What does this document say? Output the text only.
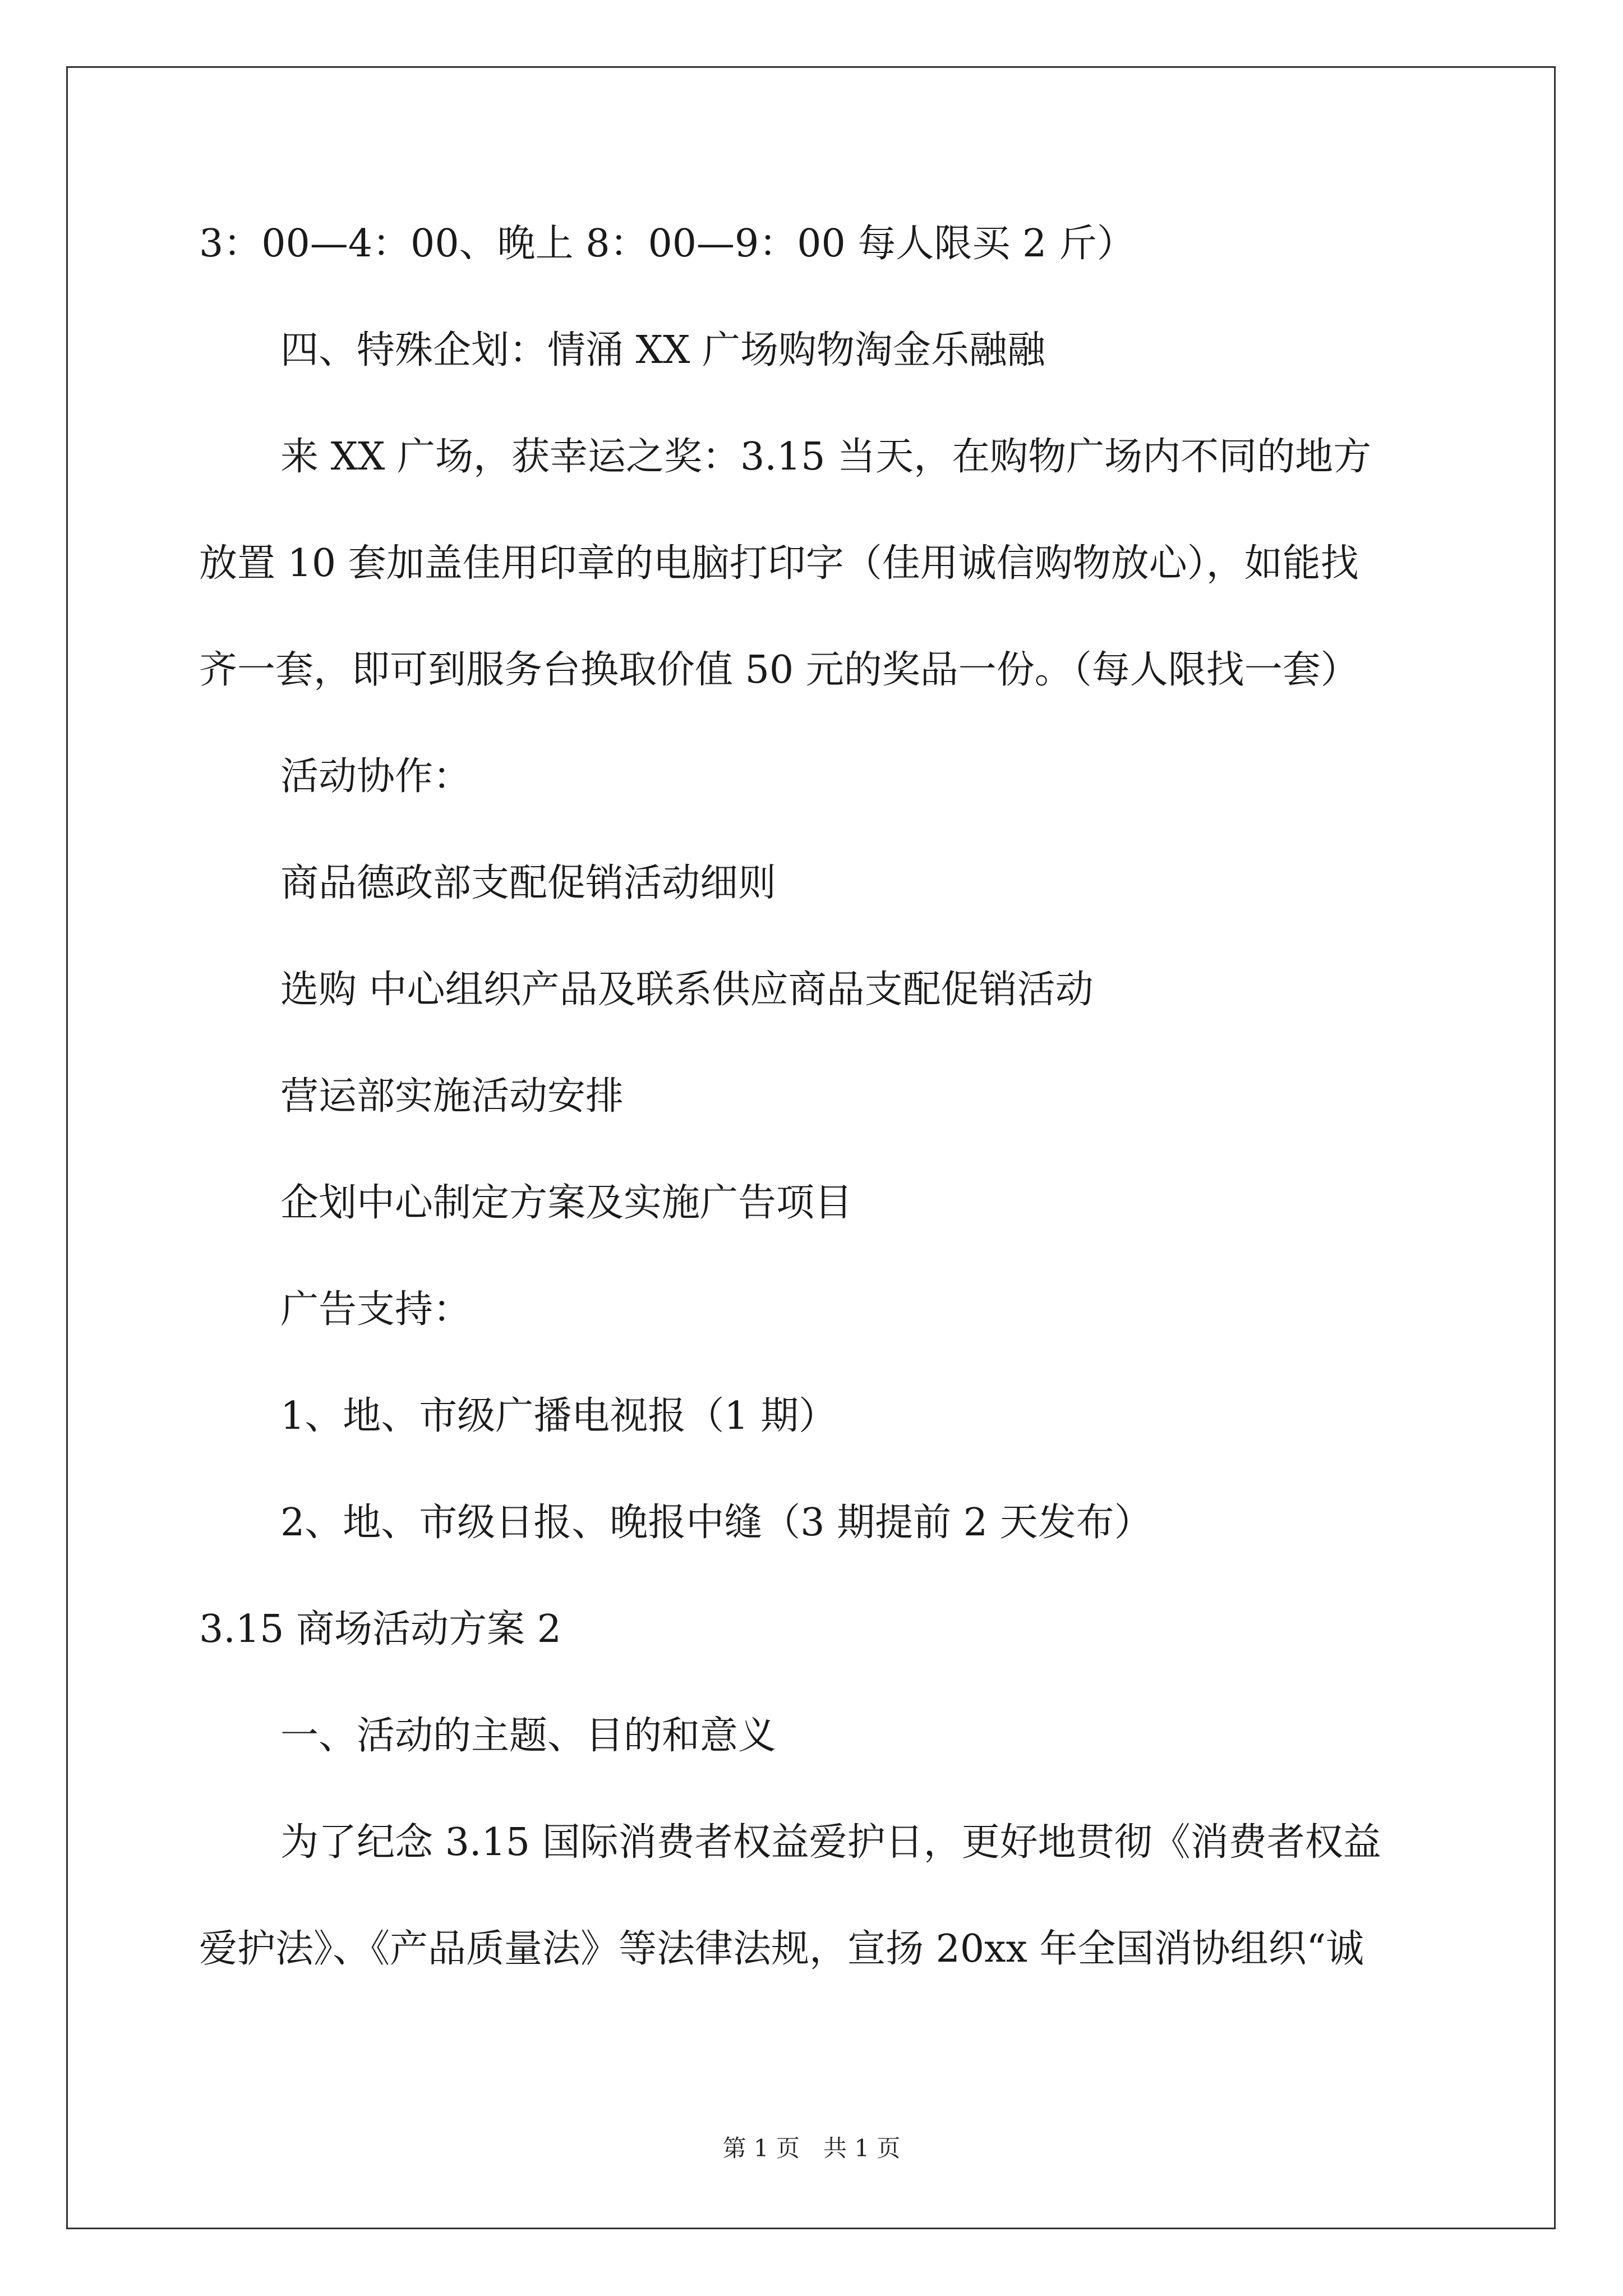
3：00—4：00、晚上 8：00—9：00 每人限买 2 斤）
四、特殊企划：情涌 XX 广场购物淘金乐融融
来 XX 广场，获幸运之奖：3.15 当天，在购物广场内不同的地方
放置 10 套加盖佳用印章的电脑打印字（佳用诚信购物放心），如能找
齐一套，即可到服务台换取价值 50 元的奖品一份。（每人限找一套）
活动协作：
商品德政部支配促销活动细则
选购 中心组织产品及联系供应商品支配促销活动
营运部实施活动安排
企划中心制定方案及实施广告项目
广告支持：
1、地、市级广播电视报（1 期）
2、地、市级日报、晚报中缝（3 期提前 2 天发布）
3.15 商场活动方案 2
一、活动的主题、目的和意义
为了纪念 3.15 国际消费者权益爱护日，更好地贯彻《消费者权益
爱护法》、《产品质量法》等法律法规，宣扬 20xx 年全国消协组织“诚
第 1 页　共 1 页
